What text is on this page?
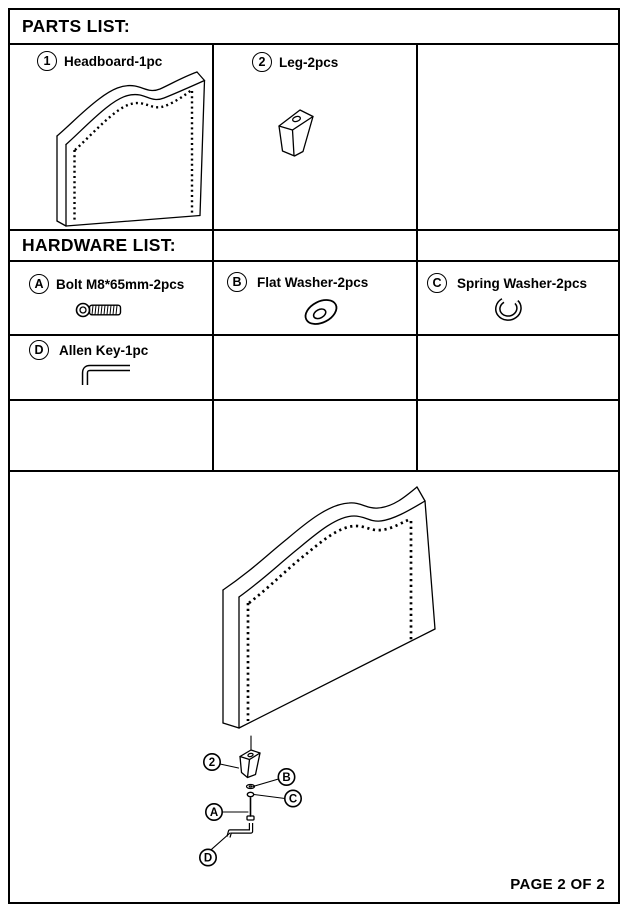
PARTS LIST:
1	Headboard-1pc	2	Leg-2pcs
HARDWARE LIST:
A Bolt M8*65mm-2pcs	B	Flat Washer-2pcs	C	Spring Washer-2pcs
D	Allen Key-1pc
2
B
C
A
D
PAGE 2 OF 2
